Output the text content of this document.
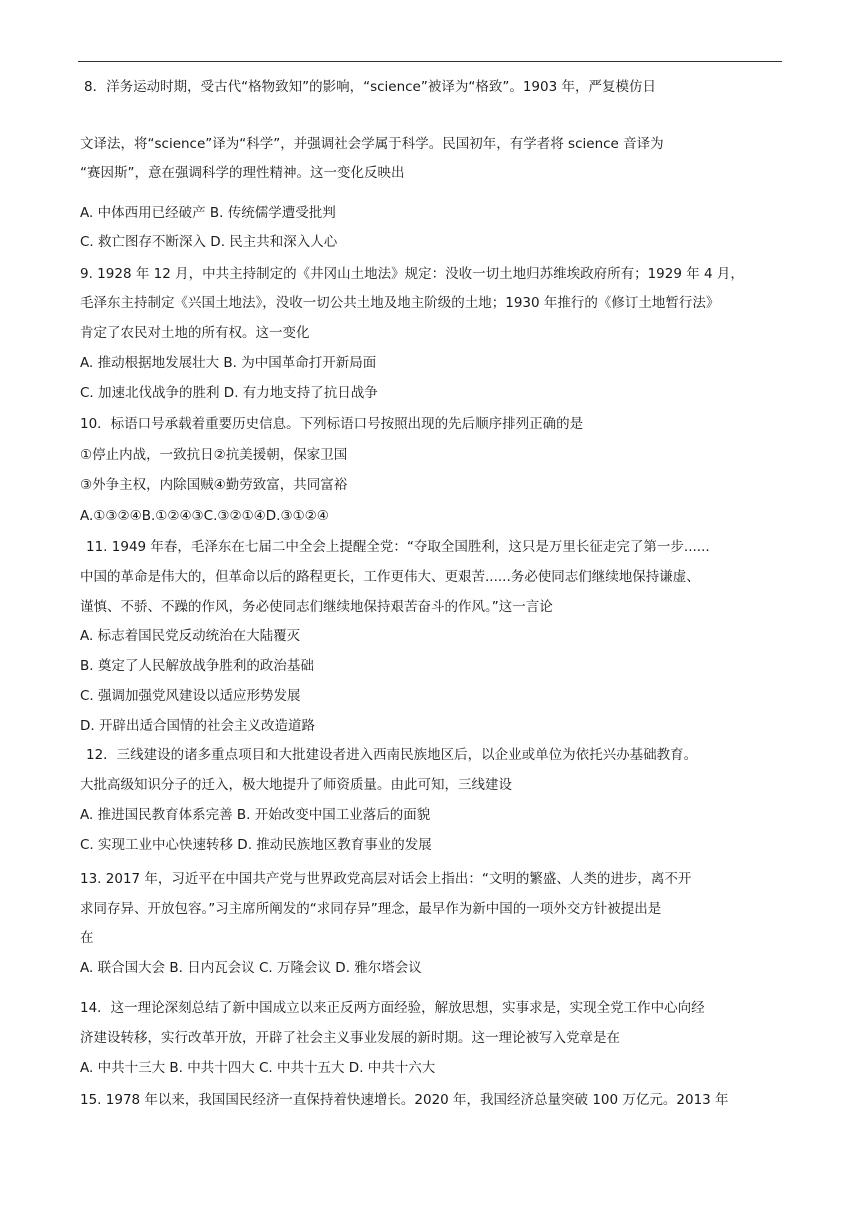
8．洋务运动时期，受古代“格物致知”的影响，“science”被译为“格致”。1903 年，严复模仿日
文译法，将“science”译为“科学”，并强调社会学属于科学。民国初年，有学者将 science 音译为
“赛因斯”，意在强调科学的理性精神。这一变化反映出
A. 中体西用已经破产 B. 传统儒学遭受批判
C. 救亡图存不断深入 D. 民主共和深入人心
9. 1928 年 12 月，中共主持制定的《井冈山土地法》规定：没收一切土地归苏维埃政府所有；1929 年 4 月，
毛泽东主持制定《兴国土地法》，没收一切公共土地及地主阶级的土地；1930 年推行的《修订土地暂行法》
肯定了农民对土地的所有权。这一变化
A. 推动根据地发展壮大 B. 为中国革命打开新局面
C. 加速北伐战争的胜利 D. 有力地支持了抗日战争
10．标语口号承载着重要历史信息。下列标语口号按照出现的先后顺序排列正确的是
①停止内战，一致抗日②抗美援朝，保家卫国
③外争主权，内除国贼④勤劳致富，共同富裕
A.①③②④B.①②④③C.③②①④D.③①②④
11. 1949 年春，毛泽东在七届二中全会上提醒全党：“夺取全国胜利，这只是万里长征走完了第一步......
中国的革命是伟大的，但革命以后的路程更长，工作更伟大、更艰苦......务必使同志们继续地保持谦虚、
谨慎、不骄、不躁的作风，务必使同志们继续地保持艰苦奋斗的作风。”这一言论
A. 标志着国民党反动统治在大陆覆灭
B. 奠定了人民解放战争胜利的政治基础
C. 强调加强党风建设以适应形势发展
D. 开辟出适合国情的社会主义改造道路
12．三线建设的诸多重点项目和大批建设者进入西南民族地区后，以企业或单位为依托兴办基础教育。
大批高级知识分子的迁入，极大地提升了师资质量。由此可知，三线建设
A. 推进国民教育体系完善 B. 开始改变中国工业落后的面貌
C. 实现工业中心快速转移 D. 推动民族地区教育事业的发展
13. 2017 年，习近平在中国共产党与世界政党高层对话会上指出：“文明的繁盛、人类的进步，离不开
求同存异、开放包容。”习主席所阐发的“求同存异”理念，最早作为新中国的一项外交方针被提出是
在
A. 联合国大会 B. 日内瓦会议 C. 万隆会议 D. 雅尔塔会议
14．这一理论深刻总结了新中国成立以来正反两方面经验，解放思想，实事求是，实现全党工作中心向经
济建设转移，实行改革开放，开辟了社会主义事业发展的新时期。这一理论被写入党章是在
A. 中共十三大 B. 中共十四大 C. 中共十五大 D. 中共十六大
15. 1978 年以来，我国国民经济一直保持着快速增长。2020 年，我国经济总量突破 100 万亿元。2013 年
